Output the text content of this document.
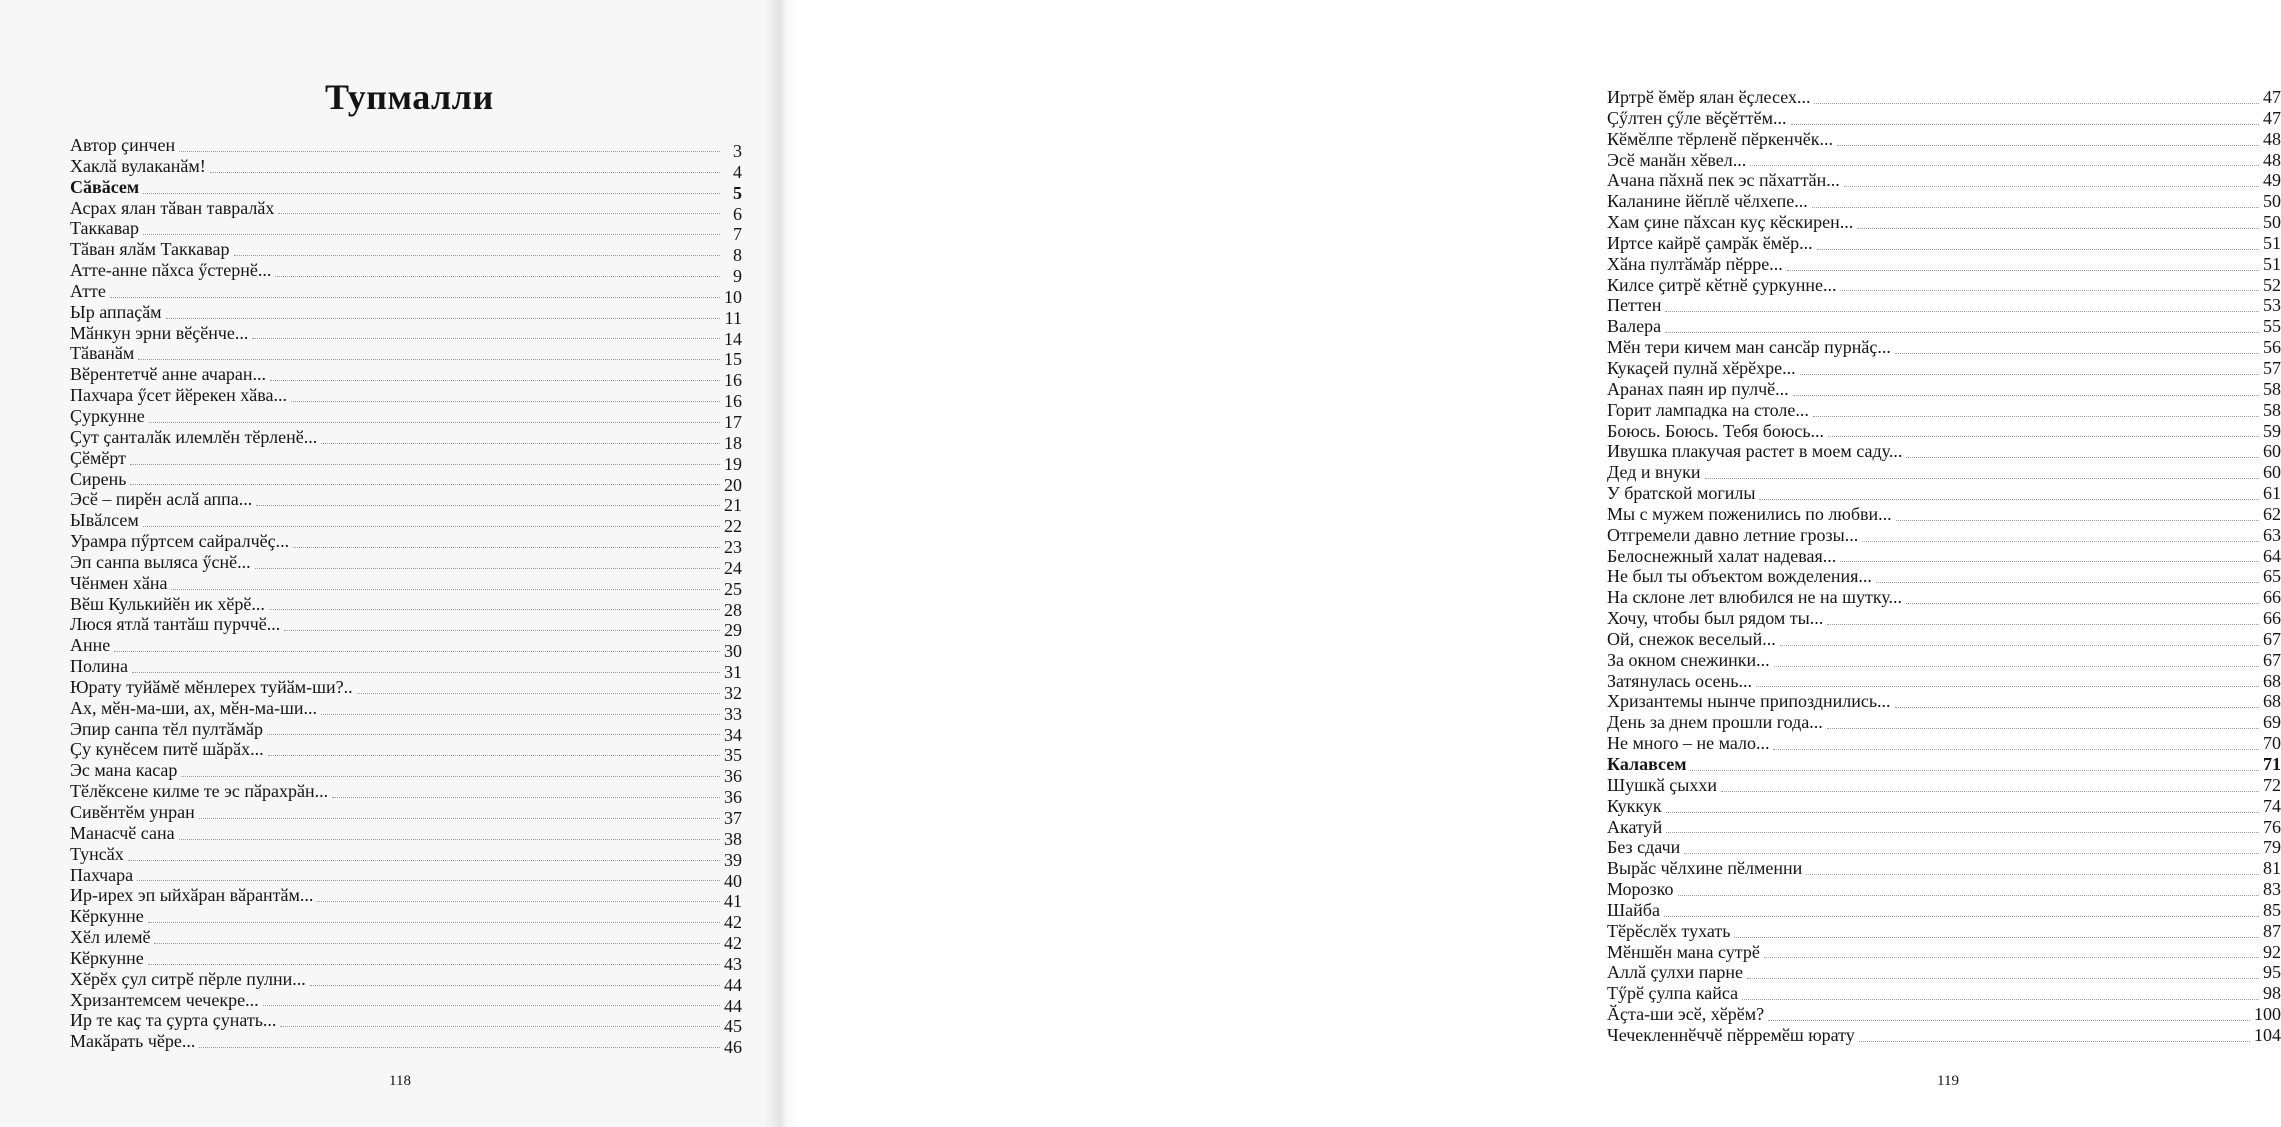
Тупмалли
Автор ҫинчен	3
Хаклӑ вулаканӑм!	4
Сӑвӑсем	5
Асрах ялан тӑван тавралӑх	6
Таккавар	7
Тӑван ялӑм Таккавар	8
Атте-анне пӑхса ӳстернӗ...	9
Атте	10
Ыр аппаҫӑм	11
Мӑнкун эрни вӗҫӗнче...	14
Тӑванӑм	15
Вӗрентетчӗ анне ачаран...	16
Пахчара ӳсет йӗрекен хӑва...	16
Ҫуркунне	17
Ҫут ҫанталӑк илемлӗн тӗрленӗ...	18
Ҫӗмӗрт	19
Сирень	20
Эсӗ – пирӗн аслӑ аппа...	21
Ывӑлсем	22
Урамра пӳртсем сайралчӗҫ...	23
Эп санпа выляса ӳснӗ...	24
Чӗнмен хӑна	25
Вӗш Кулькийӗн ик хӗрӗ...	28
Люся ятлӑ тантӑш пурччӗ...	29
Анне	30
Полина	31
Юрату туйӑмӗ мӗнлерех туйӑм-ши?..	32
Ах, мӗн-ма-ши, ах, мӗн-ма-ши...	33
Эпир санпа тӗл пултӑмӑр	34
Ҫу кунӗсем питӗ шӑрӑх...	35
Эс мана касар	36
Тӗлӗксене килме те эс пӑрахрӑн...	36
Сивӗнтӗм унран	37
Манасчӗ сана	38
Тунсӑх	39
Пахчара	40
Ир-ирех эп ыйхӑран вӑрантӑм...	41
Кӗркунне	42
Хӗл илемӗ	42
Кӗркунне	43
Хӗрӗх ҫул ситрӗ пӗрле пулни...	44
Хризантемсем чечекре...	44
Ир те каҫ та ҫурта ҫунать...	45
Макӑрать чӗре...	46

118

Иртрӗ ӗмӗр ялан ӗҫлесех...	47
Ҫӳлтен ҫӳле вӗҫӗттӗм...	47
Кӗмӗлпе тӗрленӗ пӗркенчӗк...	48
Эсӗ манӑн хӗвел...	48
Ачана пӑхнӑ пек эс пӑхаттӑн...	49
Каланине йӗплӗ чӗлхепе...	50
Хам ҫине пӑхсан куҫ кӗскирен...	50
Иртсе кайрӗ ҫамрӑк ӗмӗр...	51
Хӑна пултӑмӑр пӗрре...	51
Килсе ҫитрӗ кӗтнӗ ҫуркунне...	52
Петтен	53
Валера	55
Мӗн тери кичем ман сансӑр пурнӑҫ...	56
Кукаҫей пулнӑ хӗрӗхре...	57
Аранах паян ир пулчӗ...	58
Горит лампадка на столе...	58
Боюсь. Боюсь. Тебя боюсь...	59
Ивушка плакучая растет в моем саду...	60
Дед и внуки	60
У братской могилы	61
Мы с мужем поженились по любви...	62
Отгремели давно летние грозы...	63
Белоснежный халат надевая...	64
Не был ты объектом вожделения...	65
На склоне лет влюбился не на шутку...	66
Хочу, чтобы был рядом ты...	66
Ой, снежок веселый...	67
За окном снежинки...	67
Затянулась осень...	68
Хризантемы нынче припозднились...	68
День за днем прошли года...	69
Не много – не мало...	70
Калавсем	71
Шушкӑ ҫыххи	72
Куккук	74
Акатуй	76
Без сдачи	79
Вырӑс чӗлхине пӗлменни	81
Морозко	83
Шайба	85
Тӗрӗслӗх тухать	87
Мӗншӗн мана сутрӗ	92
Аллӑ ҫулхи парне	95
Тӳрӗ ҫулпа кайса	98
Ӑҫта-ши эсӗ, хӗрӗм?	100
Чечекленнӗччӗ пӗрремӗш юрату	104

119
